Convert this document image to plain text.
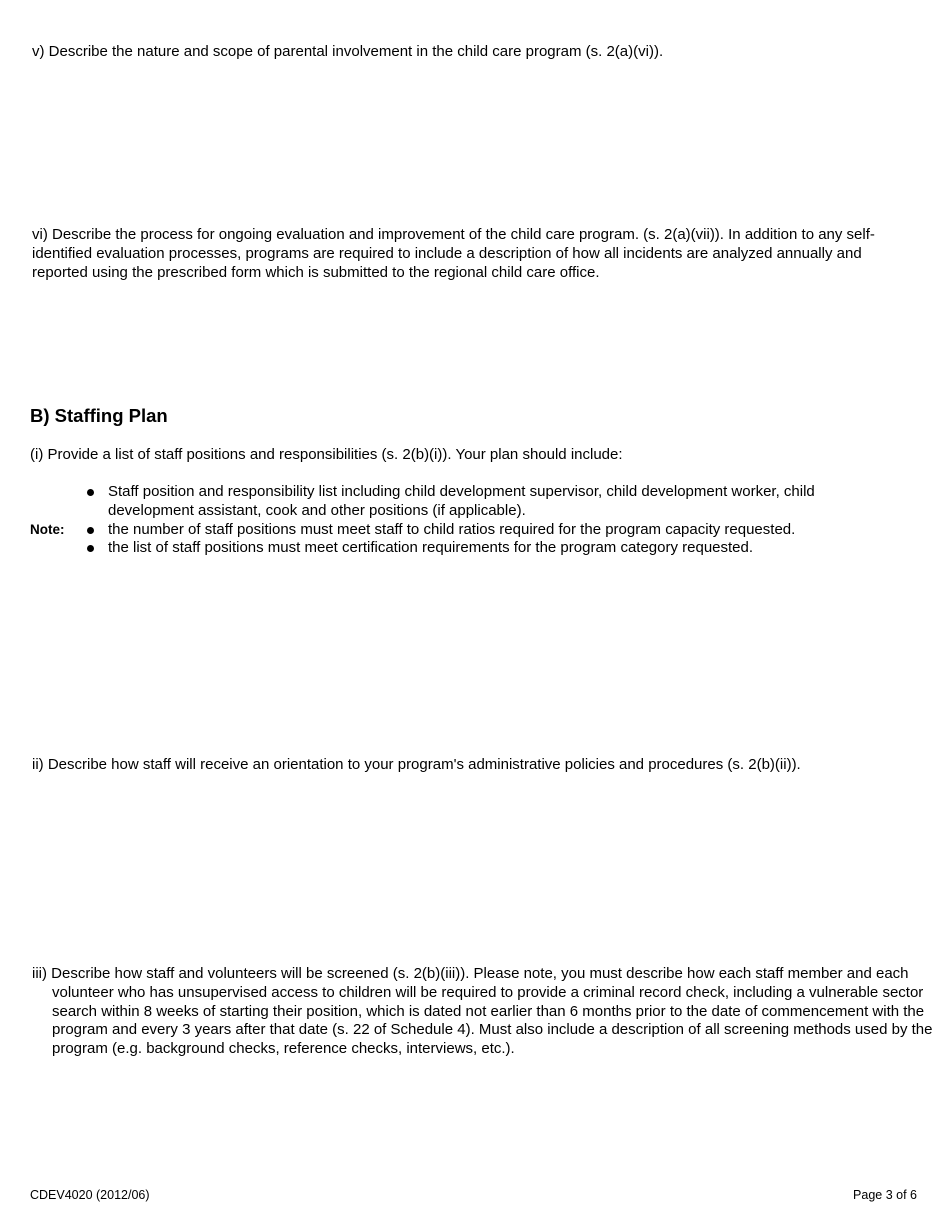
v) Describe the nature and scope of parental involvement in the child care program (s. 2(a)(vi)).
vi) Describe the process for ongoing evaluation and improvement of the child care program. (s. 2(a)(vii)). In addition to any self-identified evaluation processes, programs are required to include a description of how all incidents are analyzed annually and reported using the prescribed form which is submitted to the regional child care office.
B) Staffing Plan
(i) Provide a list of staff positions and responsibilities (s. 2(b)(i)). Your plan should include:
Note:
Staff position and responsibility list including child development supervisor, child development worker, child development assistant, cook and other positions (if applicable).
the number of staff positions must meet staff to child ratios required for the program capacity requested.
the list of staff positions must meet certification requirements for the program category requested.
ii) Describe how staff will receive an orientation to your program's administrative policies and procedures (s. 2(b)(ii)).
iii) Describe how staff and volunteers will be screened (s. 2(b)(iii)). Please note, you must describe how each staff member and each volunteer who has unsupervised access to children will be required to provide a criminal record check, including a vulnerable sector search within 8 weeks of starting their position, which is dated not earlier than 6 months prior to the date of commencement with the program and every 3 years after that date (s. 22 of Schedule 4). Must also include a description of all screening methods used by the program (e.g. background checks, reference checks, interviews, etc.).
CDEV4020 (2012/06)	Page 3 of 6
